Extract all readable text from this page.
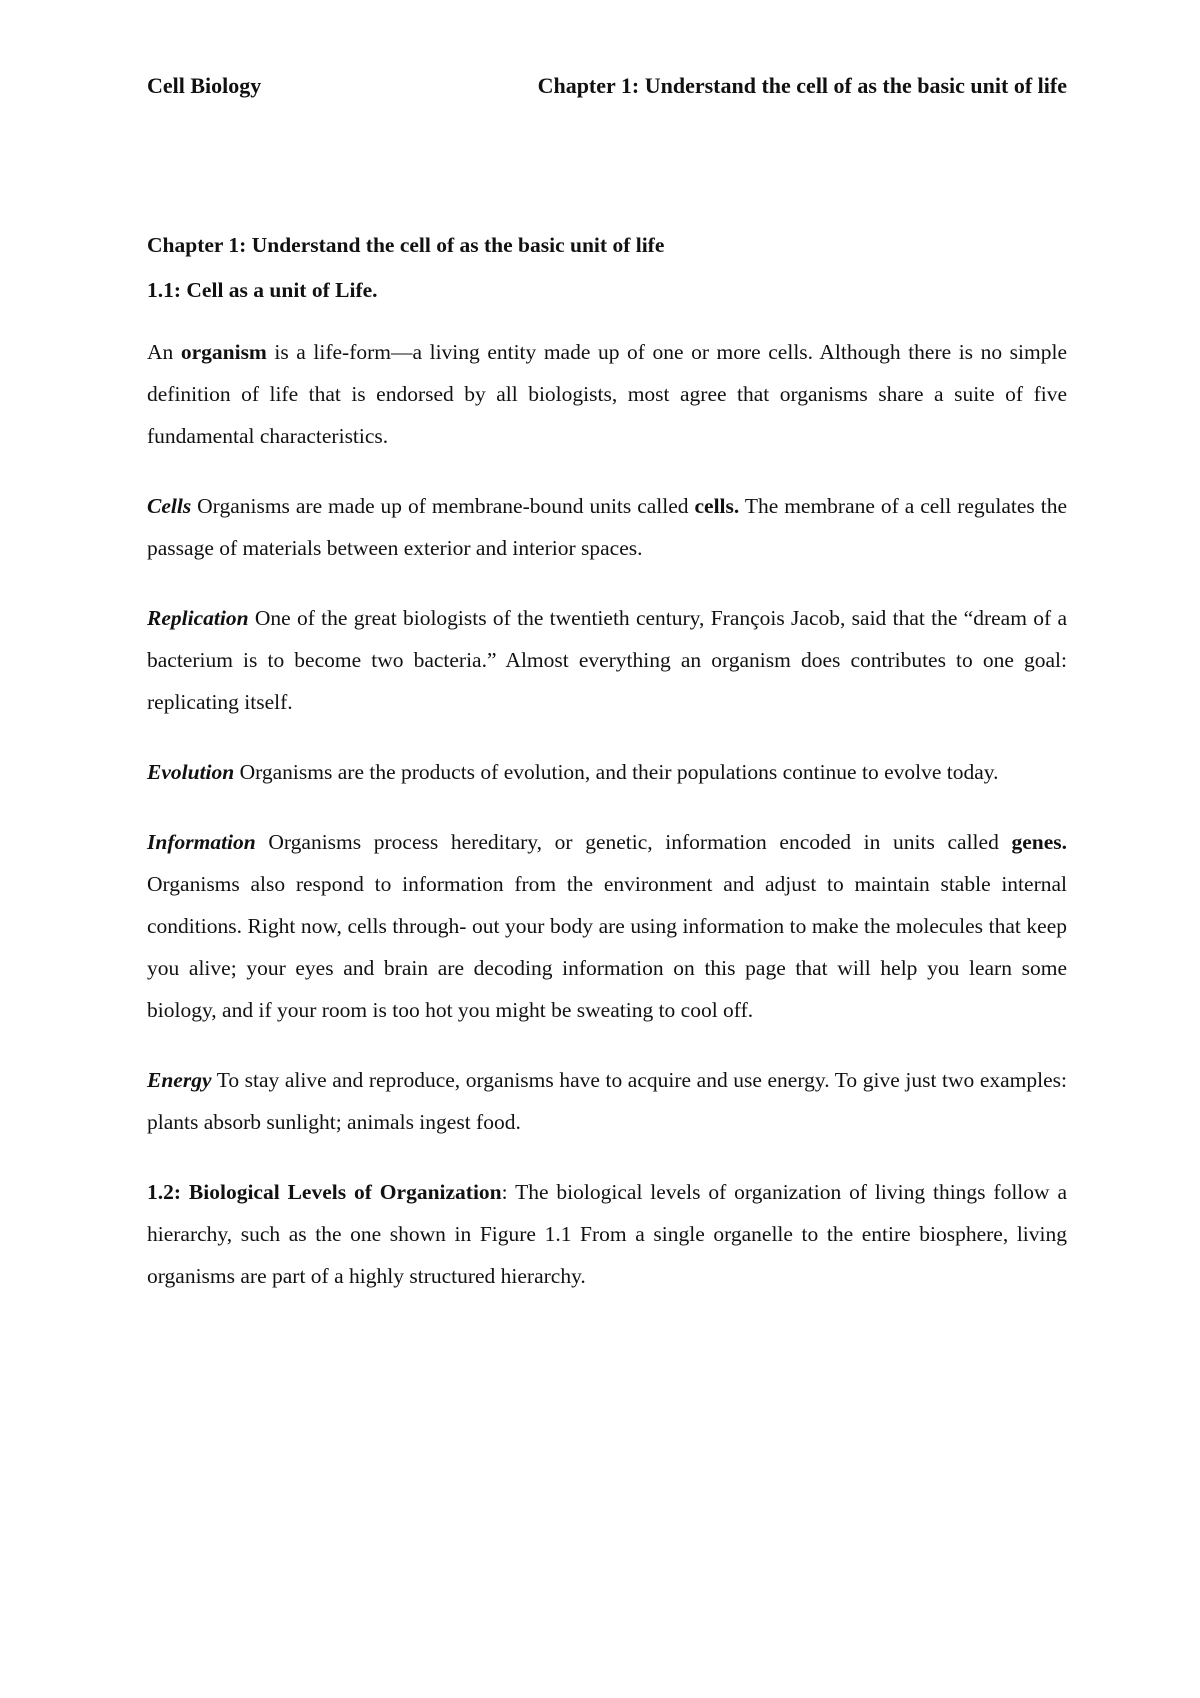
Cell Biology	Chapter 1: Understand the cell of as the basic unit of life
Chapter 1: Understand the cell of as the basic unit of life
1.1: Cell as a unit of Life.

An organism is a life-form—a living entity made up of one or more cells. Although there is no simple definition of life that is endorsed by all biologists, most agree that organisms share a suite of five fundamental characteristics.

Cells Organisms are made up of membrane-bound units called cells. The membrane of a cell regulates the passage of materials between exterior and interior spaces.

Replication One of the great biologists of the twentieth century, François Jacob, said that the “dream of a bacterium is to become two bacteria.” Almost everything an organism does contributes to one goal: replicating itself.

Evolution Organisms are the products of evolution, and their populations continue to evolve today.

Information Organisms process hereditary, or genetic, information encoded in units called genes. Organisms also respond to information from the environment and adjust to maintain stable internal conditions. Right now, cells through- out your body are using information to make the molecules that keep you alive; your eyes and brain are decoding information on this page that will help you learn some biology, and if your room is too hot you might be sweating to cool off.

Energy To stay alive and reproduce, organisms have to acquire and use energy. To give just two examples: plants absorb sunlight; animals ingest food.

1.2: Biological Levels of Organization: The biological levels of organization of living things follow a hierarchy, such as the one shown in Figure 1.1 From a single organelle to the entire biosphere, living organisms are part of a highly structured hierarchy.
